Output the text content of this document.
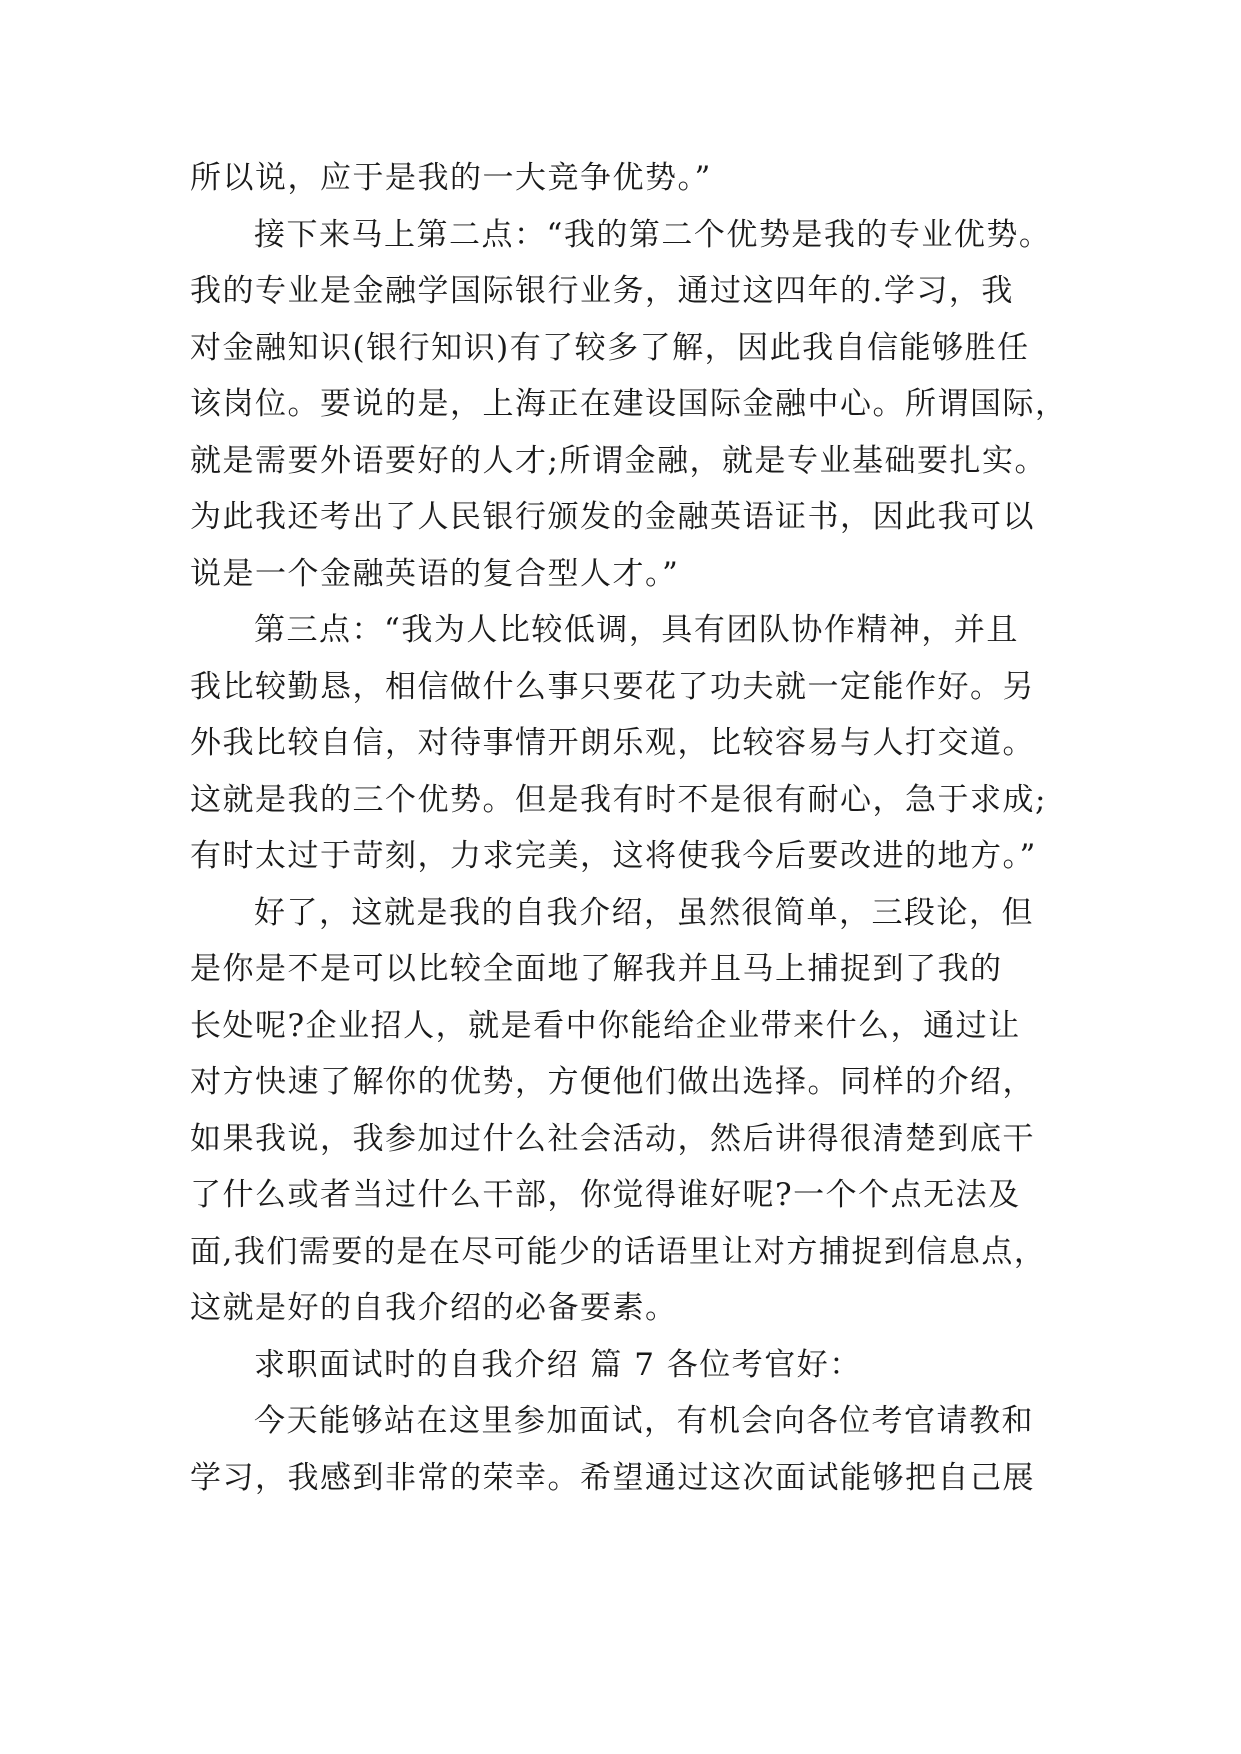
所以说，应于是我的一大竞争优势。”
接下来马上第二点：“我的第二个优势是我的专业优势。
我的专业是金融学国际银行业务，通过这四年的.学习，我
对金融知识(银行知识)有了较多了解，因此我自信能够胜任
该岗位。要说的是，上海正在建设国际金融中心。所谓国际，
就是需要外语要好的人才;所谓金融，就是专业基础要扎实。
为此我还考出了人民银行颁发的金融英语证书，因此我可以
说是一个金融英语的复合型人才。”
第三点：“我为人比较低调，具有团队协作精神，并且
我比较勤恳，相信做什么事只要花了功夫就一定能作好。另
外我比较自信，对待事情开朗乐观，比较容易与人打交道。
这就是我的三个优势。但是我有时不是很有耐心，急于求成;
有时太过于苛刻，力求完美，这将使我今后要改进的地方。”
好了，这就是我的自我介绍，虽然很简单，三段论，但
是你是不是可以比较全面地了解我并且马上捕捉到了我的
长处呢?企业招人，就是看中你能给企业带来什么，通过让
对方快速了解你的优势，方便他们做出选择。同样的介绍，
如果我说，我参加过什么社会活动，然后讲得很清楚到底干
了什么或者当过什么干部，你觉得谁好呢?一个个点无法及
面,我们需要的是在尽可能少的话语里让对方捕捉到信息点，
这就是好的自我介绍的必备要素。
求职面试时的自我介绍 篇 7 各位考官好：
今天能够站在这里参加面试，有机会向各位考官请教和
学习，我感到非常的荣幸。希望通过这次面试能够把自己展
